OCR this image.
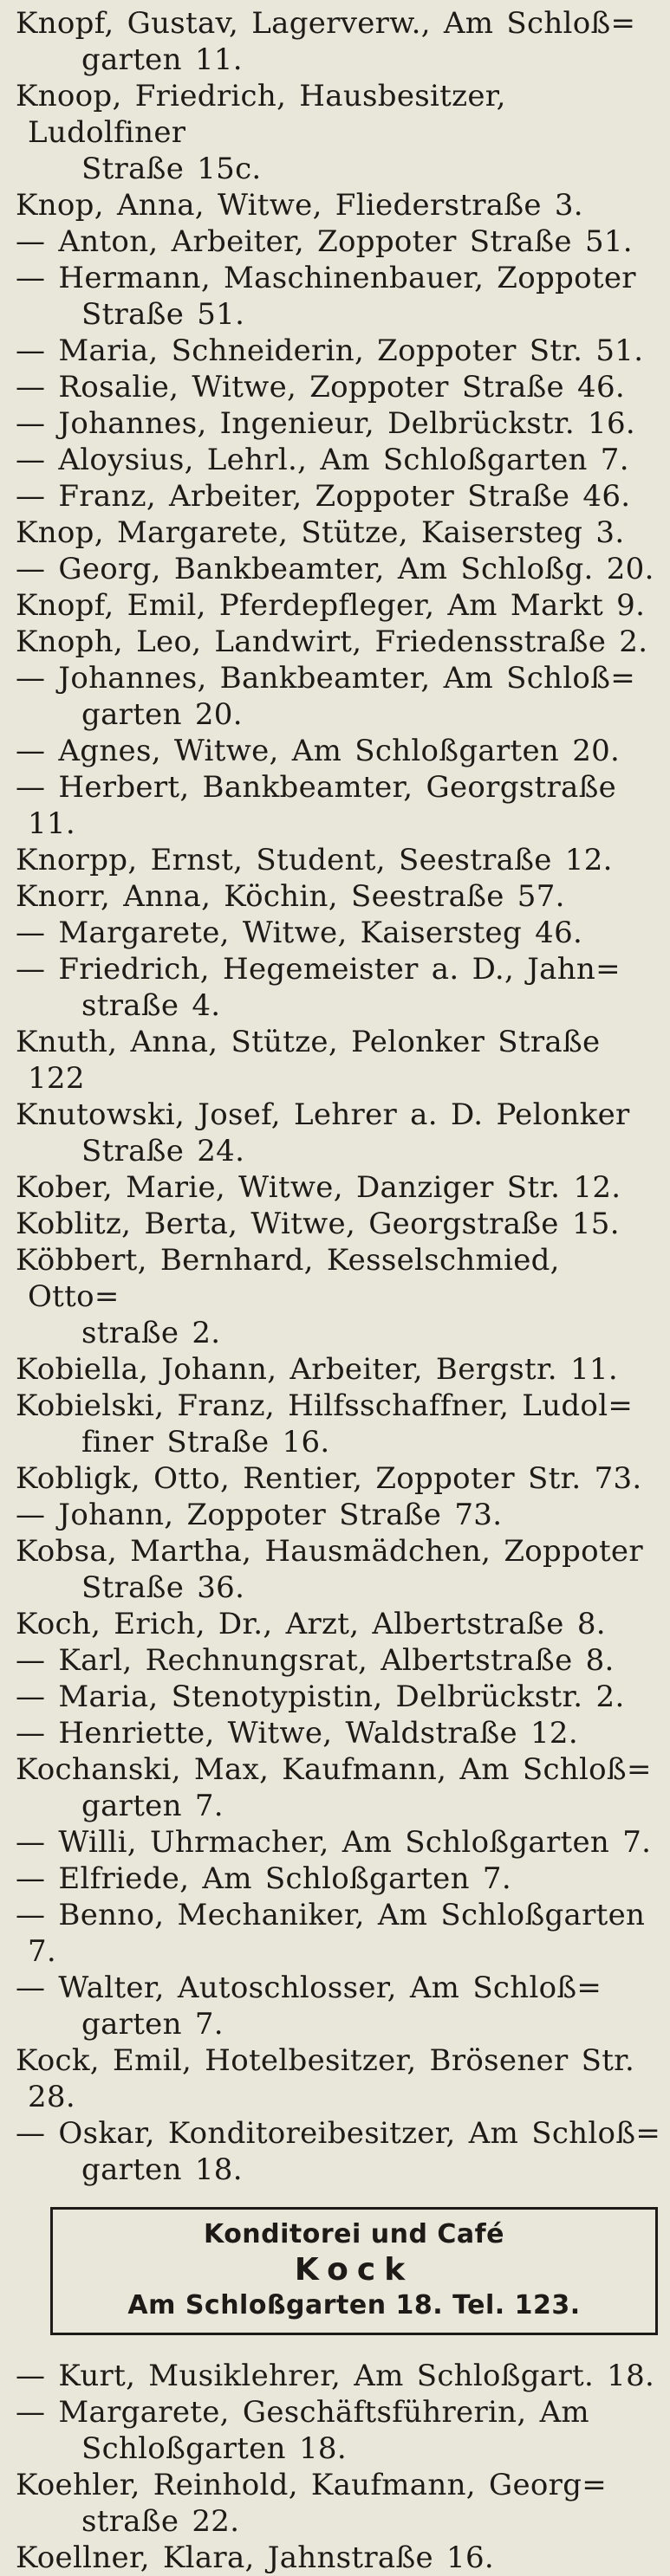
Knopf, Gustav, Lagerverw., Am Schloß=
garten 11.

Knoop, Friedrich, Hausbesitzer, Ludolfiner
Straße 15c.

Knop, Anna, Witwe, Fliederstraße 3.

— Anton, Arbeiter, Zoppoter Straße 51.

— Hermann, Maschinenbauer, Zoppoter
Straße 51.

— Maria, Schneiderin, Zoppoter Str. 51.

— Rosalie, Witwe, Zoppoter Straße 46.

— Johannes, Ingenieur, Delbrückstr. 16.

— Aloysius, Lehrl., Am Schloßgarten 7.

— Franz, Arbeiter, Zoppoter Straße 46.

Knop, Margarete, Stütze, Kaisersteg 3.

— Georg, Bankbeamter, Am Schloßg. 20.

Knopf, Emil, Pferdepfleger, Am Markt 9.

Knoph, Leo, Landwirt, Friedensstraße 2.

— Johannes, Bankbeamter, Am Schloß=
garten 20.

— Agnes, Witwe, Am Schloßgarten 20.

— Herbert, Bankbeamter, Georgstraße 11.

Knorpp, Ernst, Student, Seestraße 12.

Knorr, Anna, Köchin, Seestraße 57.

— Margarete, Witwe, Kaisersteg 46.

— Friedrich, Hegemeister a. D., Jahn=
straße 4.

Knuth, Anna, Stütze, Pelonker Straße 122

Knutowski, Josef, Lehrer a. D. Pelonker
Straße 24.

Kober, Marie, Witwe, Danziger Str. 12.

Koblitz, Berta, Witwe, Georgstraße 15.

Köbbert, Bernhard, Kesselschmied, Otto=
straße 2.

Kobiella, Johann, Arbeiter, Bergstr. 11.

Kobielski, Franz, Hilfsschaffner, Ludol=
finer Straße 16.

Kobligk, Otto, Rentier, Zoppoter Str. 73.

— Johann, Zoppoter Straße 73.

Kobsa, Martha, Hausmädchen, Zoppoter
Straße 36.

Koch, Erich, Dr., Arzt, Albertstraße 8.

— Karl, Rechnungsrat, Albertstraße 8.

— Maria, Stenotypistin, Delbrückstr. 2.

— Henriette, Witwe, Waldstraße 12.

Kochanski, Max, Kaufmann, Am Schloß=
garten 7.

— Willi, Uhrmacher, Am Schloßgarten 7.

— Elfriede, Am Schloßgarten 7.

— Benno, Mechaniker, Am Schloßgarten 7.

— Walter, Autoschlosser, Am Schloß=
garten 7.

Kock, Emil, Hotelbesitzer, Brösener Str. 28.

— Oskar, Konditoreibesitzer, Am Schloß=
garten 18.

Konditorei und Café
Kock
Am Schloßgarten 18. Tel. 123.

— Kurt, Musiklehrer, Am Schloßgart. 18.

— Margarete, Geschäftsführerin, Am
Schloßgarten 18.

Koehler, Reinhold, Kaufmann, Georg=
straße 22.

Koellner, Klara, Jahnstraße 16.
